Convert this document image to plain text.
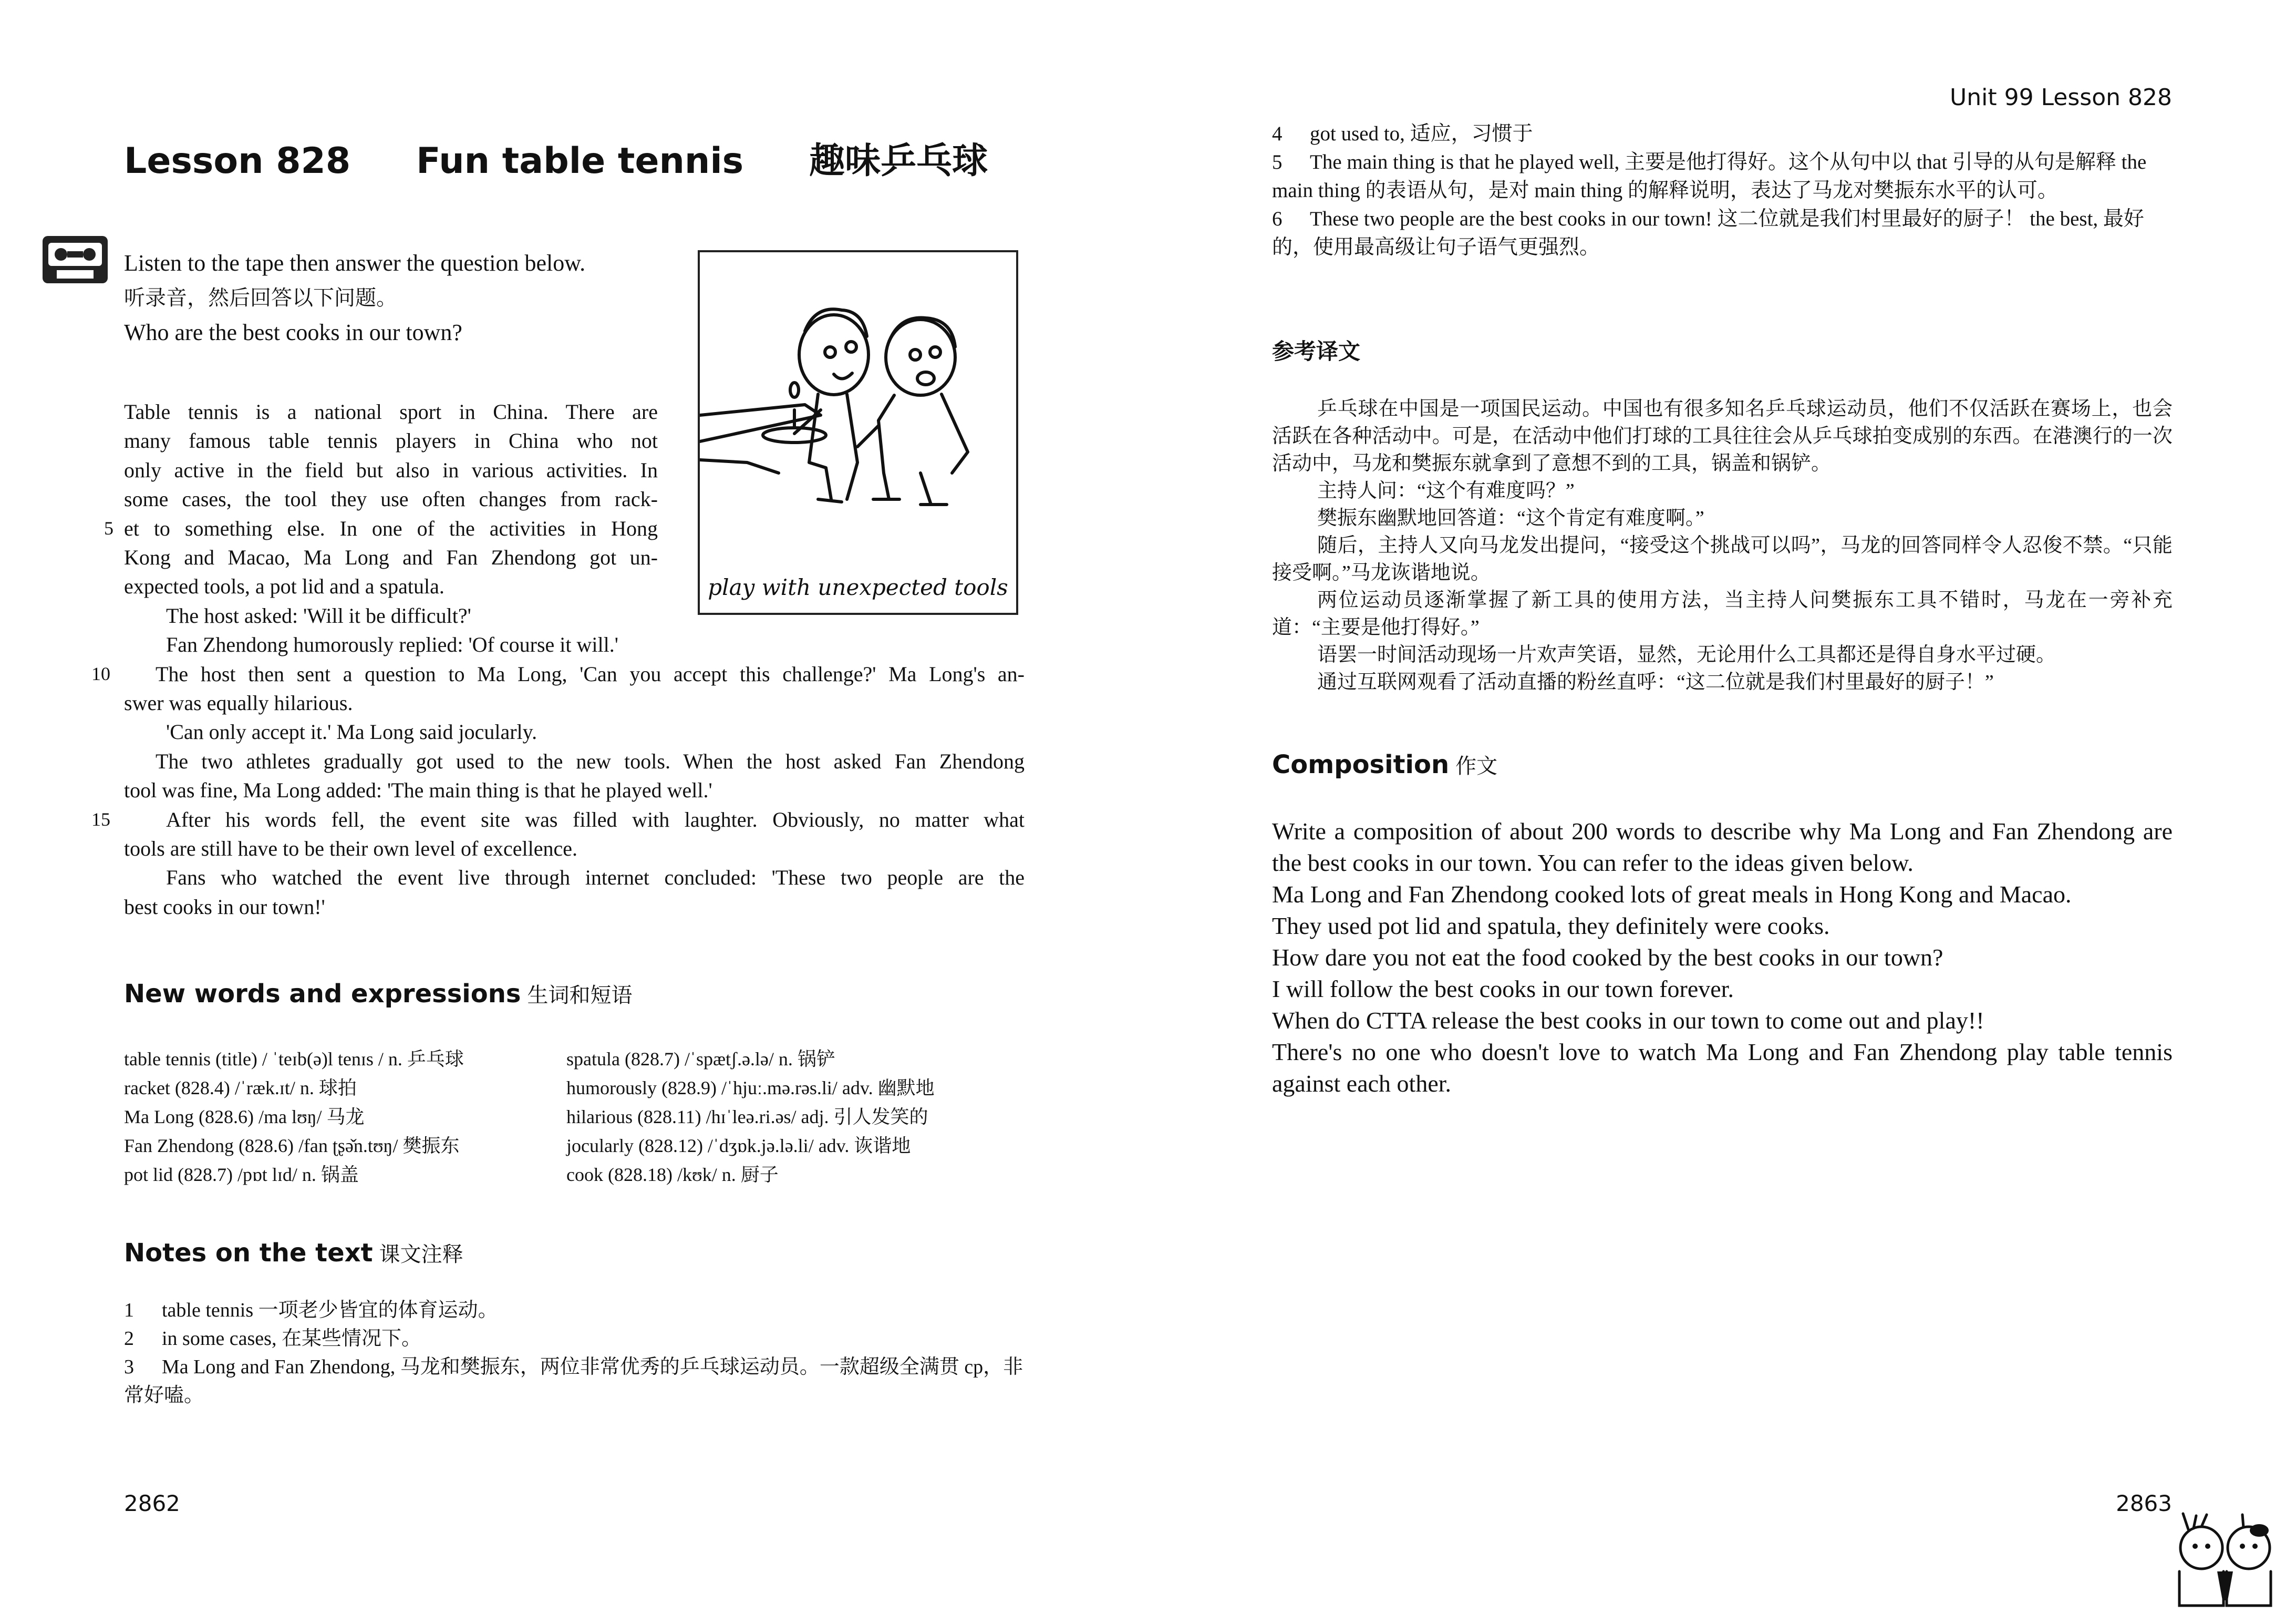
Lesson 828 Fun table tennis 趣味乒乓球
Listen to the tape then answer the question below.
听录音，然后回答以下问题。
Who are the best cooks in our town?
play with unexpected tools
Table tennis is a national sport in China. There are
many famous table tennis players in China who not
only active in the field but also in various activities. In
some cases, the tool they use often changes from rack-
et to something else. In one of the activities in Hong
5
Kong and Macao, Ma Long and Fan Zhendong got un-
expected tools, a pot lid and a spatula.
The host asked: 'Will it be difficult?'
Fan Zhendong humorously replied: 'Of course it will.'
The host then sent a question to Ma Long, 'Can you accept this challenge?' Ma Long's an-
10
swer was equally hilarious.
'Can only accept it.' Ma Long said jocularly.
The two athletes gradually got used to the new tools. When the host asked Fan Zhendong
tool was fine, Ma Long added: 'The main thing is that he played well.'
After his words fell, the event site was filled with laughter. Obviously, no matter what
15
tools are still have to be their own level of excellence.
Fans who watched the event live through internet concluded: 'These two people are the
best cooks in our town!'
New words and expressions 生词和短语
table tennis (title) / ˈteɪb(ə)l tenɪs / n. 乒乓球
racket (828.4) /ˈræk.ɪt/ n. 球拍
Ma Long (828.6) /ma lʊŋ/ 马龙
Fan Zhendong (828.6) /fan ʈʂə̌n.tʊŋ/ 樊振东
pot lid (828.7) /pɒt lɪd/ n. 锅盖
spatula (828.7) /ˈspætʃ.ə.lə/ n. 锅铲
humorously (828.9) /ˈhjuː.mə.rəs.li/ adv. 幽默地
hilarious (828.11) /hɪˈleə.ri.əs/ adj. 引人发笑的
jocularly (828.12) /ˈdʒɒk.jə.lə.li/ adv. 诙谐地
cook (828.18) /kʊk/ n. 厨子
Notes on the text 课文注释
1 table tennis 一项老少皆宜的体育运动。
2 in some cases, 在某些情况下。
3 Ma Long and Fan Zhendong, 马龙和樊振东，两位非常优秀的乒乓球运动员。一款超级全满贯 cp，非常好嗑。
2862
Unit 99 Lesson 828
4 got used to, 适应，习惯于
5 The main thing is that he played well, 主要是他打得好。这个从句中以 that 引导的从句是解释 the main thing 的表语从句，是对 main thing 的解释说明，表达了马龙对樊振东水平的认可。
6 These two people are the best cooks in our town! 这二位就是我们村里最好的厨子！ the best, 最好的，使用最高级让句子语气更强烈。
参考译文

乒乓球在中国是一项国民运动。中国也有很多知名乒乓球运动员，他们不仅活跃在赛场上，也会活跃在各种活动中。可是，在活动中他们打球的工具往往会从乒乓球拍变成别的东西。在港澳行的一次活动中，马龙和樊振东就拿到了意想不到的工具，锅盖和锅铲。

主持人问：“这个有难度吗？”

樊振东幽默地回答道：“这个肯定有难度啊。”

随后，主持人又向马龙发出提问，“接受这个挑战可以吗”，马龙的回答同样令人忍俊不禁。“只能接受啊。”马龙诙谐地说。

两位运动员逐渐掌握了新工具的使用方法，当主持人问樊振东工具不错时，马龙在一旁补充道：“主要是他打得好。”

语罢一时间活动现场一片欢声笑语，显然，无论用什么工具都还是得自身水平过硬。

通过互联网观看了活动直播的粉丝直呼：“这二位就是我们村里最好的厨子！”

Composition 作文

Write a composition of about 200 words to describe why Ma Long and Fan Zhendong are the best cooks in our town. You can refer to the ideas given below.

Ma Long and Fan Zhendong cooked lots of great meals in Hong Kong and Macao.

They used pot lid and spatula, they definitely were cooks.

How dare you not eat the food cooked by the best cooks in our town?

I will follow the best cooks in our town forever.

When do CTTA release the best cooks in our town to come out and play!!

There's no one who doesn't love to watch Ma Long and Fan Zhendong play table tennis against each other.

2863
